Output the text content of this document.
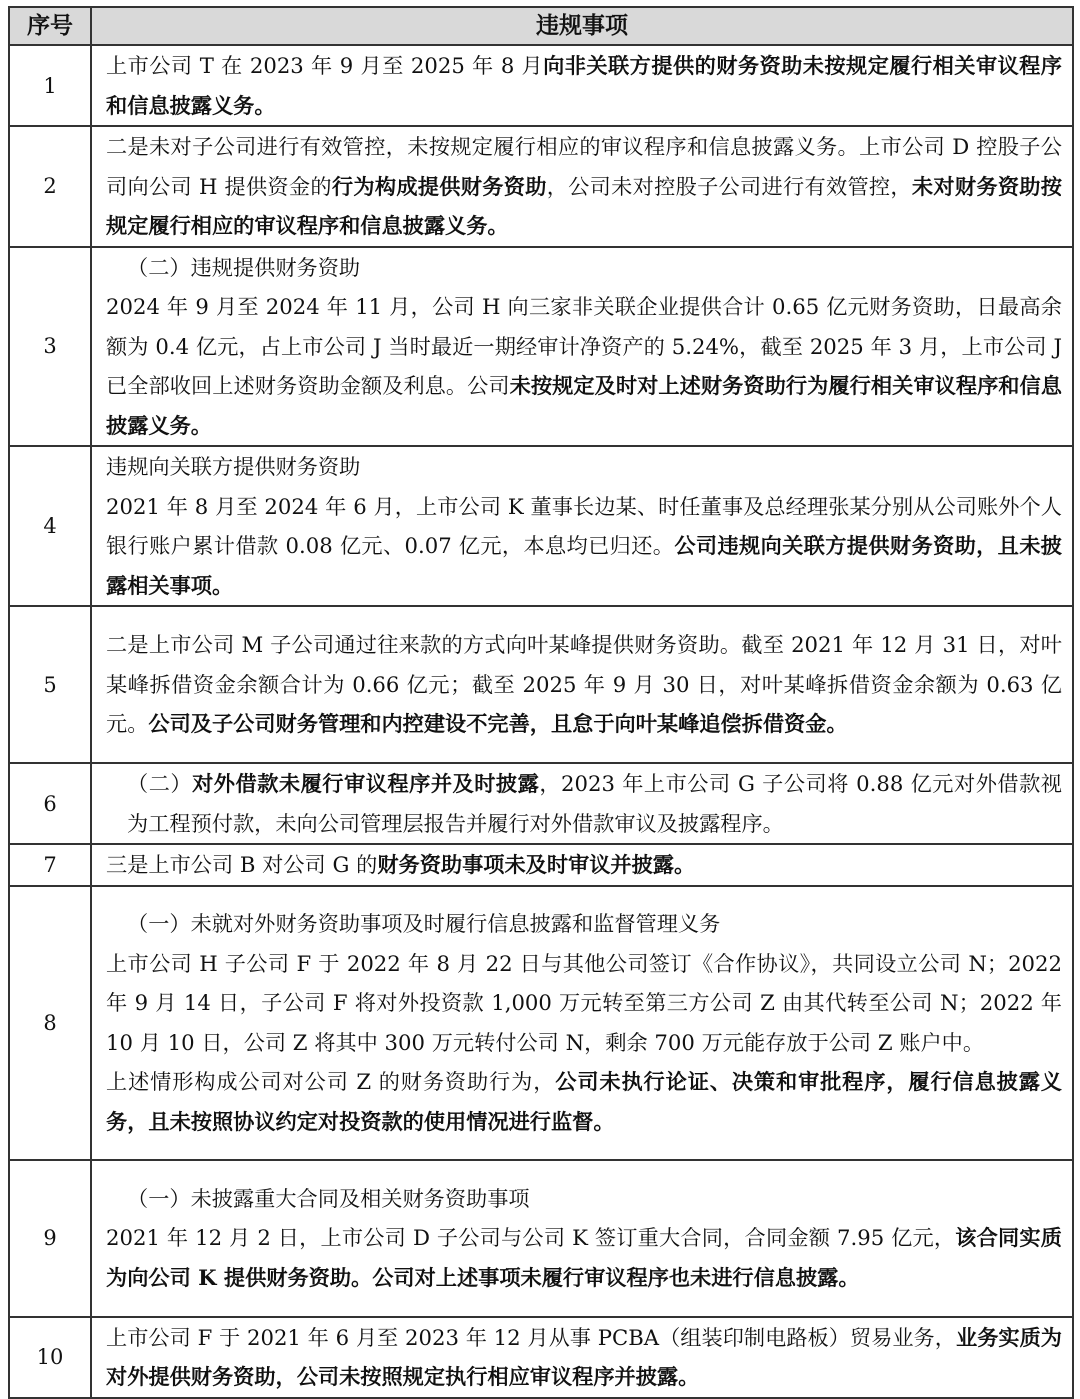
序号	违规事项
1	上市公司 T 在 2023 年 9 月至 2025 年 8 月向非关联方提供的财务资助未按规定履行相关审议程序和信息披露义务。

2	二是未对子公司进行有效管控，未按规定履行相应的审议程序和信息披露义务。上市公司 D 控股子公司向公司 H 提供资金的行为构成提供财务资助，公司未对控股子公司进行有效管控，未对财务资助按规定履行相应的审议程序和信息披露义务。

3	（二）违规提供财务资助
2024 年 9 月至 2024 年 11 月，公司 H 向三家非关联企业提供合计 0.65 亿元财务资助，日最高余额为 0.4 亿元，占上市公司 J 当时最近一期经审计净资产的 5.24%，截至 2025 年 3 月，上市公司 J 已全部收回上述财务资助金额及利息。公司未按规定及时对上述财务资助行为履行相关审议程序和信息披露义务。

4	违规向关联方提供财务资助
2021 年 8 月至 2024 年 6 月，上市公司 K 董事长边某、时任董事及总经理张某分别从公司账外个人银行账户累计借款 0.08 亿元、0.07 亿元，本息均已归还。公司违规向关联方提供财务资助，且未披露相关事项。

5	二是上市公司 M 子公司通过往来款的方式向叶某峰提供财务资助。截至 2021 年 12 月 31 日，对叶某峰拆借资金余额合计为 0.66 亿元；截至 2025 年 9 月 30 日，对叶某峰拆借资金余额为 0.63 亿元。公司及子公司财务管理和内控建设不完善，且怠于向叶某峰追偿拆借资金。

6	（二）对外借款未履行审议程序并及时披露，2023 年上市公司 G 子公司将 0.88 亿元对外借款视为工程预付款，未向公司管理层报告并履行对外借款审议及披露程序。

7	三是上市公司 B 对公司 G 的财务资助事项未及时审议并披露。

8	（一）未就对外财务资助事项及时履行信息披露和监督管理义务
上市公司 H 子公司 F 于 2022 年 8 月 22 日与其他公司签订《合作协议》，共同设立公司 N；2022 年 9 月 14 日，子公司 F 将对外投资款 1,000 万元转至第三方公司 Z 由其代转至公司 N；2022 年 10 月 10 日，公司 Z 将其中 300 万元转付公司 N，剩余 700 万元能存放于公司 Z 账户中。
上述情形构成公司对公司 Z 的财务资助行为，公司未执行论证、决策和审批程序，履行信息披露义务，且未按照协议约定对投资款的使用情况进行监督。

9	（一）未披露重大合同及相关财务资助事项
2021 年 12 月 2 日，上市公司 D 子公司与公司 K 签订重大合同，合同金额 7.95 亿元，该合同实质为向公司 K 提供财务资助。公司对上述事项未履行审议程序也未进行信息披露。

10	上市公司 F 于 2021 年 6 月至 2023 年 12 月从事 PCBA（组装印制电路板）贸易业务，业务实质为对外提供财务资助，公司未按照规定执行相应审议程序并披露。
